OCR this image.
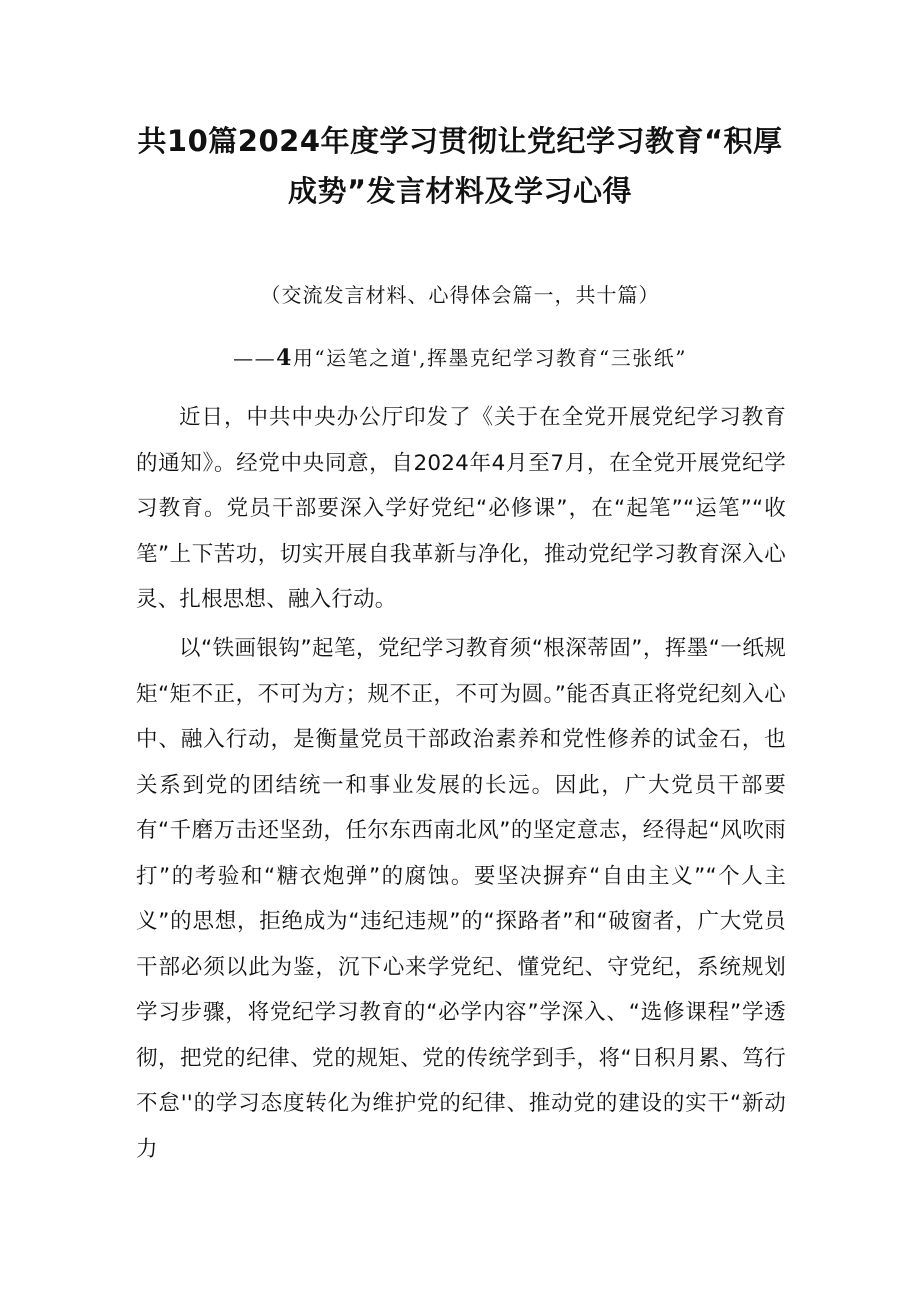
共10篇2024年度学习贯彻让党纪学习教育“积厚
成势”发言材料及学习心得
（交流发言材料、心得体会篇一，共十篇）
——4用“运笔之道',挥墨克纪学习教育“三张纸”

近日，中共中央办公厅印发了《关于在全党开展党纪学习教育的通知》。经党中央同意，自2024年4月至7月，在全党开展党纪学习教育。党员干部要深入学好党纪“必修课”，在“起笔”“运笔”“收笔”上下苦功，切实开展自我革新与净化，推动党纪学习教育深入心灵、扎根思想、融入行动。

以“铁画银钩”起笔，党纪学习教育须“根深蒂固”，挥墨“一纸规矩“矩不正，不可为方；规不正，不可为圆。”能否真正将党纪刻入心中、融入行动，是衡量党员干部政治素养和党性修养的试金石，也关系到党的团结统一和事业发展的长远。因此，广大党员干部要有“千磨万击还坚劲，任尔东西南北风”的坚定意志，经得起“风吹雨打”的考验和“糖衣炮弹”的腐蚀。要坚决摒弃“自由主义”“个人主义”的思想，拒绝成为“违纪违规”的“探路者”和“破窗者，广大党员干部必须以此为鉴，沉下心来学党纪、懂党纪、守党纪，系统规划学习步骤，将党纪学习教育的“必学内容”学深入、“选修课程”学透彻，把党的纪律、党的规矩、党的传统学到手，将“日积月累、笃行不怠''的学习态度转化为维护党的纪律、推动党的建设的实干“新动力
